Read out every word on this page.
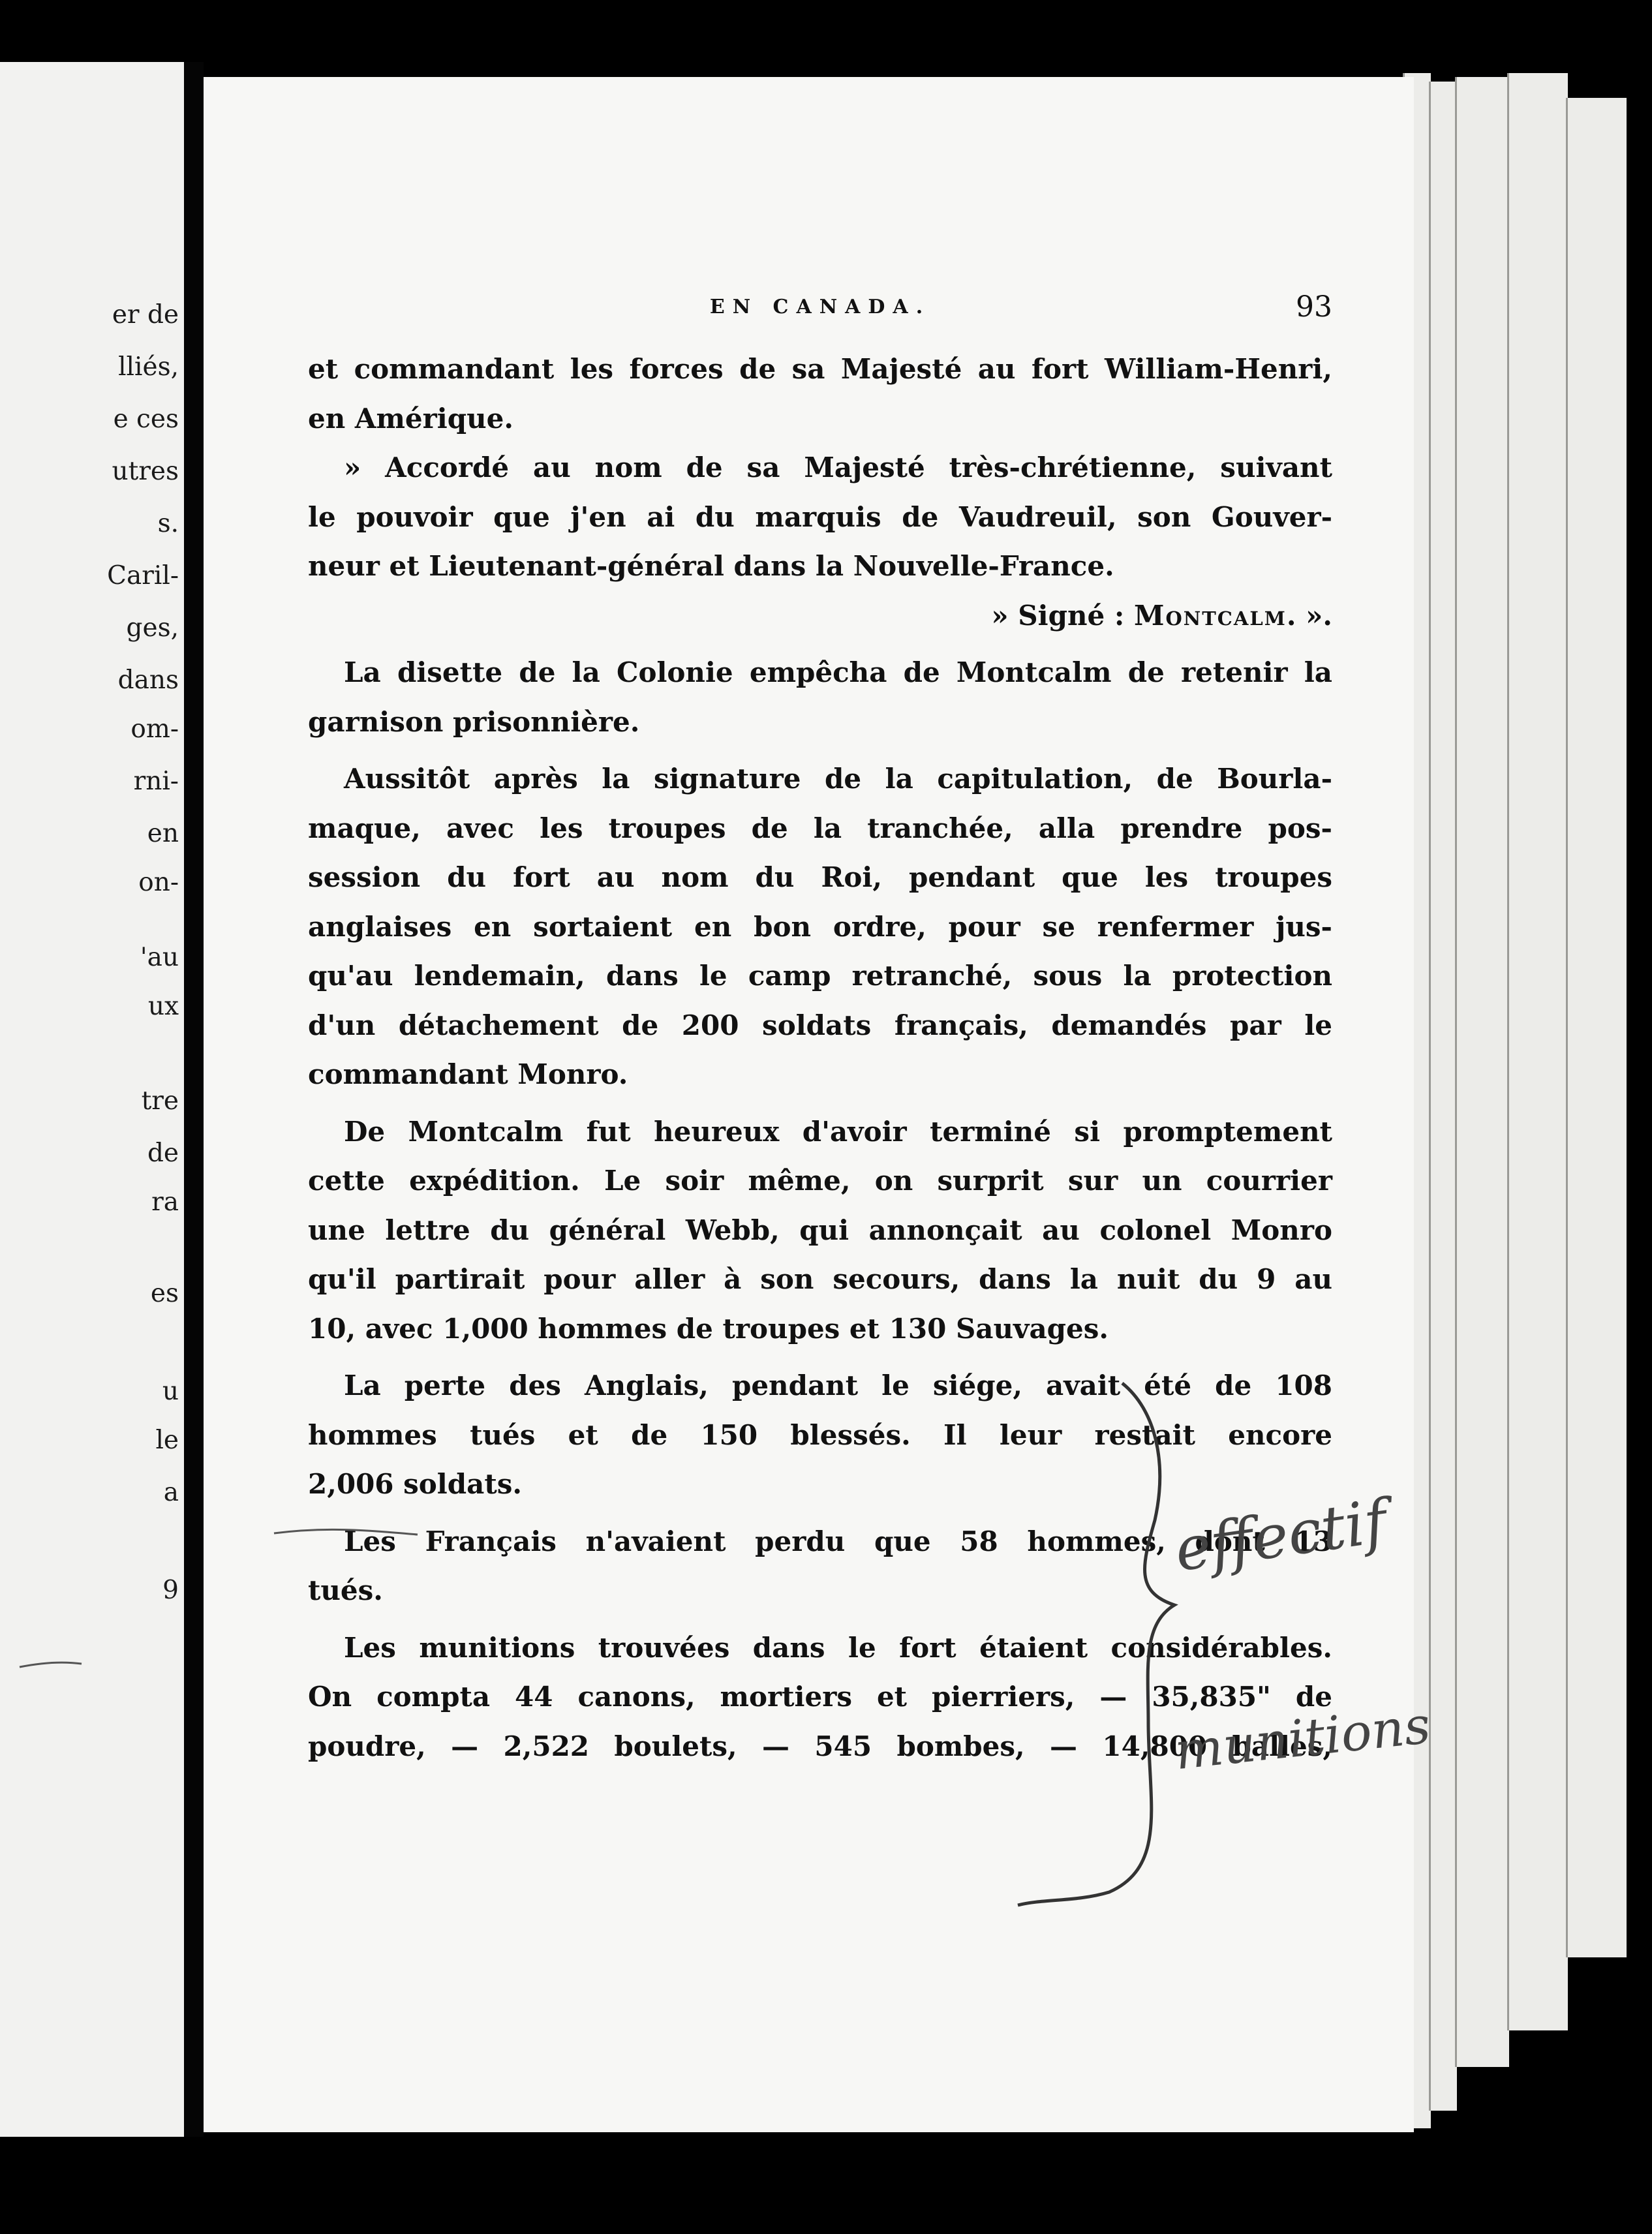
er de
lliés,
e ces
utres
s.
Caril-
ges,
dans
om-
rni-
en
on-
'au
ux
tre
de
ra
es
u
le
a
9
EN CANADA.	93
et commandant les forces de sa Majesté au fort William-Henri,
en Amérique.
» Accordé au nom de sa Majesté très-chrétienne, suivant
le pouvoir que j'en ai du marquis de Vaudreuil, son Gouver-
neur et Lieutenant-général dans la Nouvelle-France.
» Signé : Montcalm. ».
La disette de la Colonie empêcha de Montcalm de retenir la
garnison prisonnière.
Aussitôt après la signature de la capitulation, de Bourla-
maque, avec les troupes de la tranchée, alla prendre pos-
session du fort au nom du Roi, pendant que les troupes
anglaises en sortaient en bon ordre, pour se renfermer jus-
qu'au lendemain, dans le camp retranché, sous la protection
d'un détachement de 200 soldats français, demandés par le
commandant Monro.
De Montcalm fut heureux d'avoir terminé si promptement
cette expédition. Le soir même, on surprit sur un courrier
une lettre du général Webb, qui annonçait au colonel Monro
qu'il partirait pour aller à son secours, dans la nuit du 9 au
10, avec 1,000 hommes de troupes et 130 Sauvages.
La perte des Anglais, pendant le siége, avait été de 108
hommes tués et de 150 blessés. Il leur restait encore
2,006 soldats.
Les Français n'avaient perdu que 58 hommes, dont 13
tués.
Les munitions trouvées dans le fort étaient considérables.
On compta 44 canons, mortiers et pierriers, — 35,835" de
poudre, — 2,522 boulets, — 545 bombes, — 14,800 balles,
effectif
munitions
